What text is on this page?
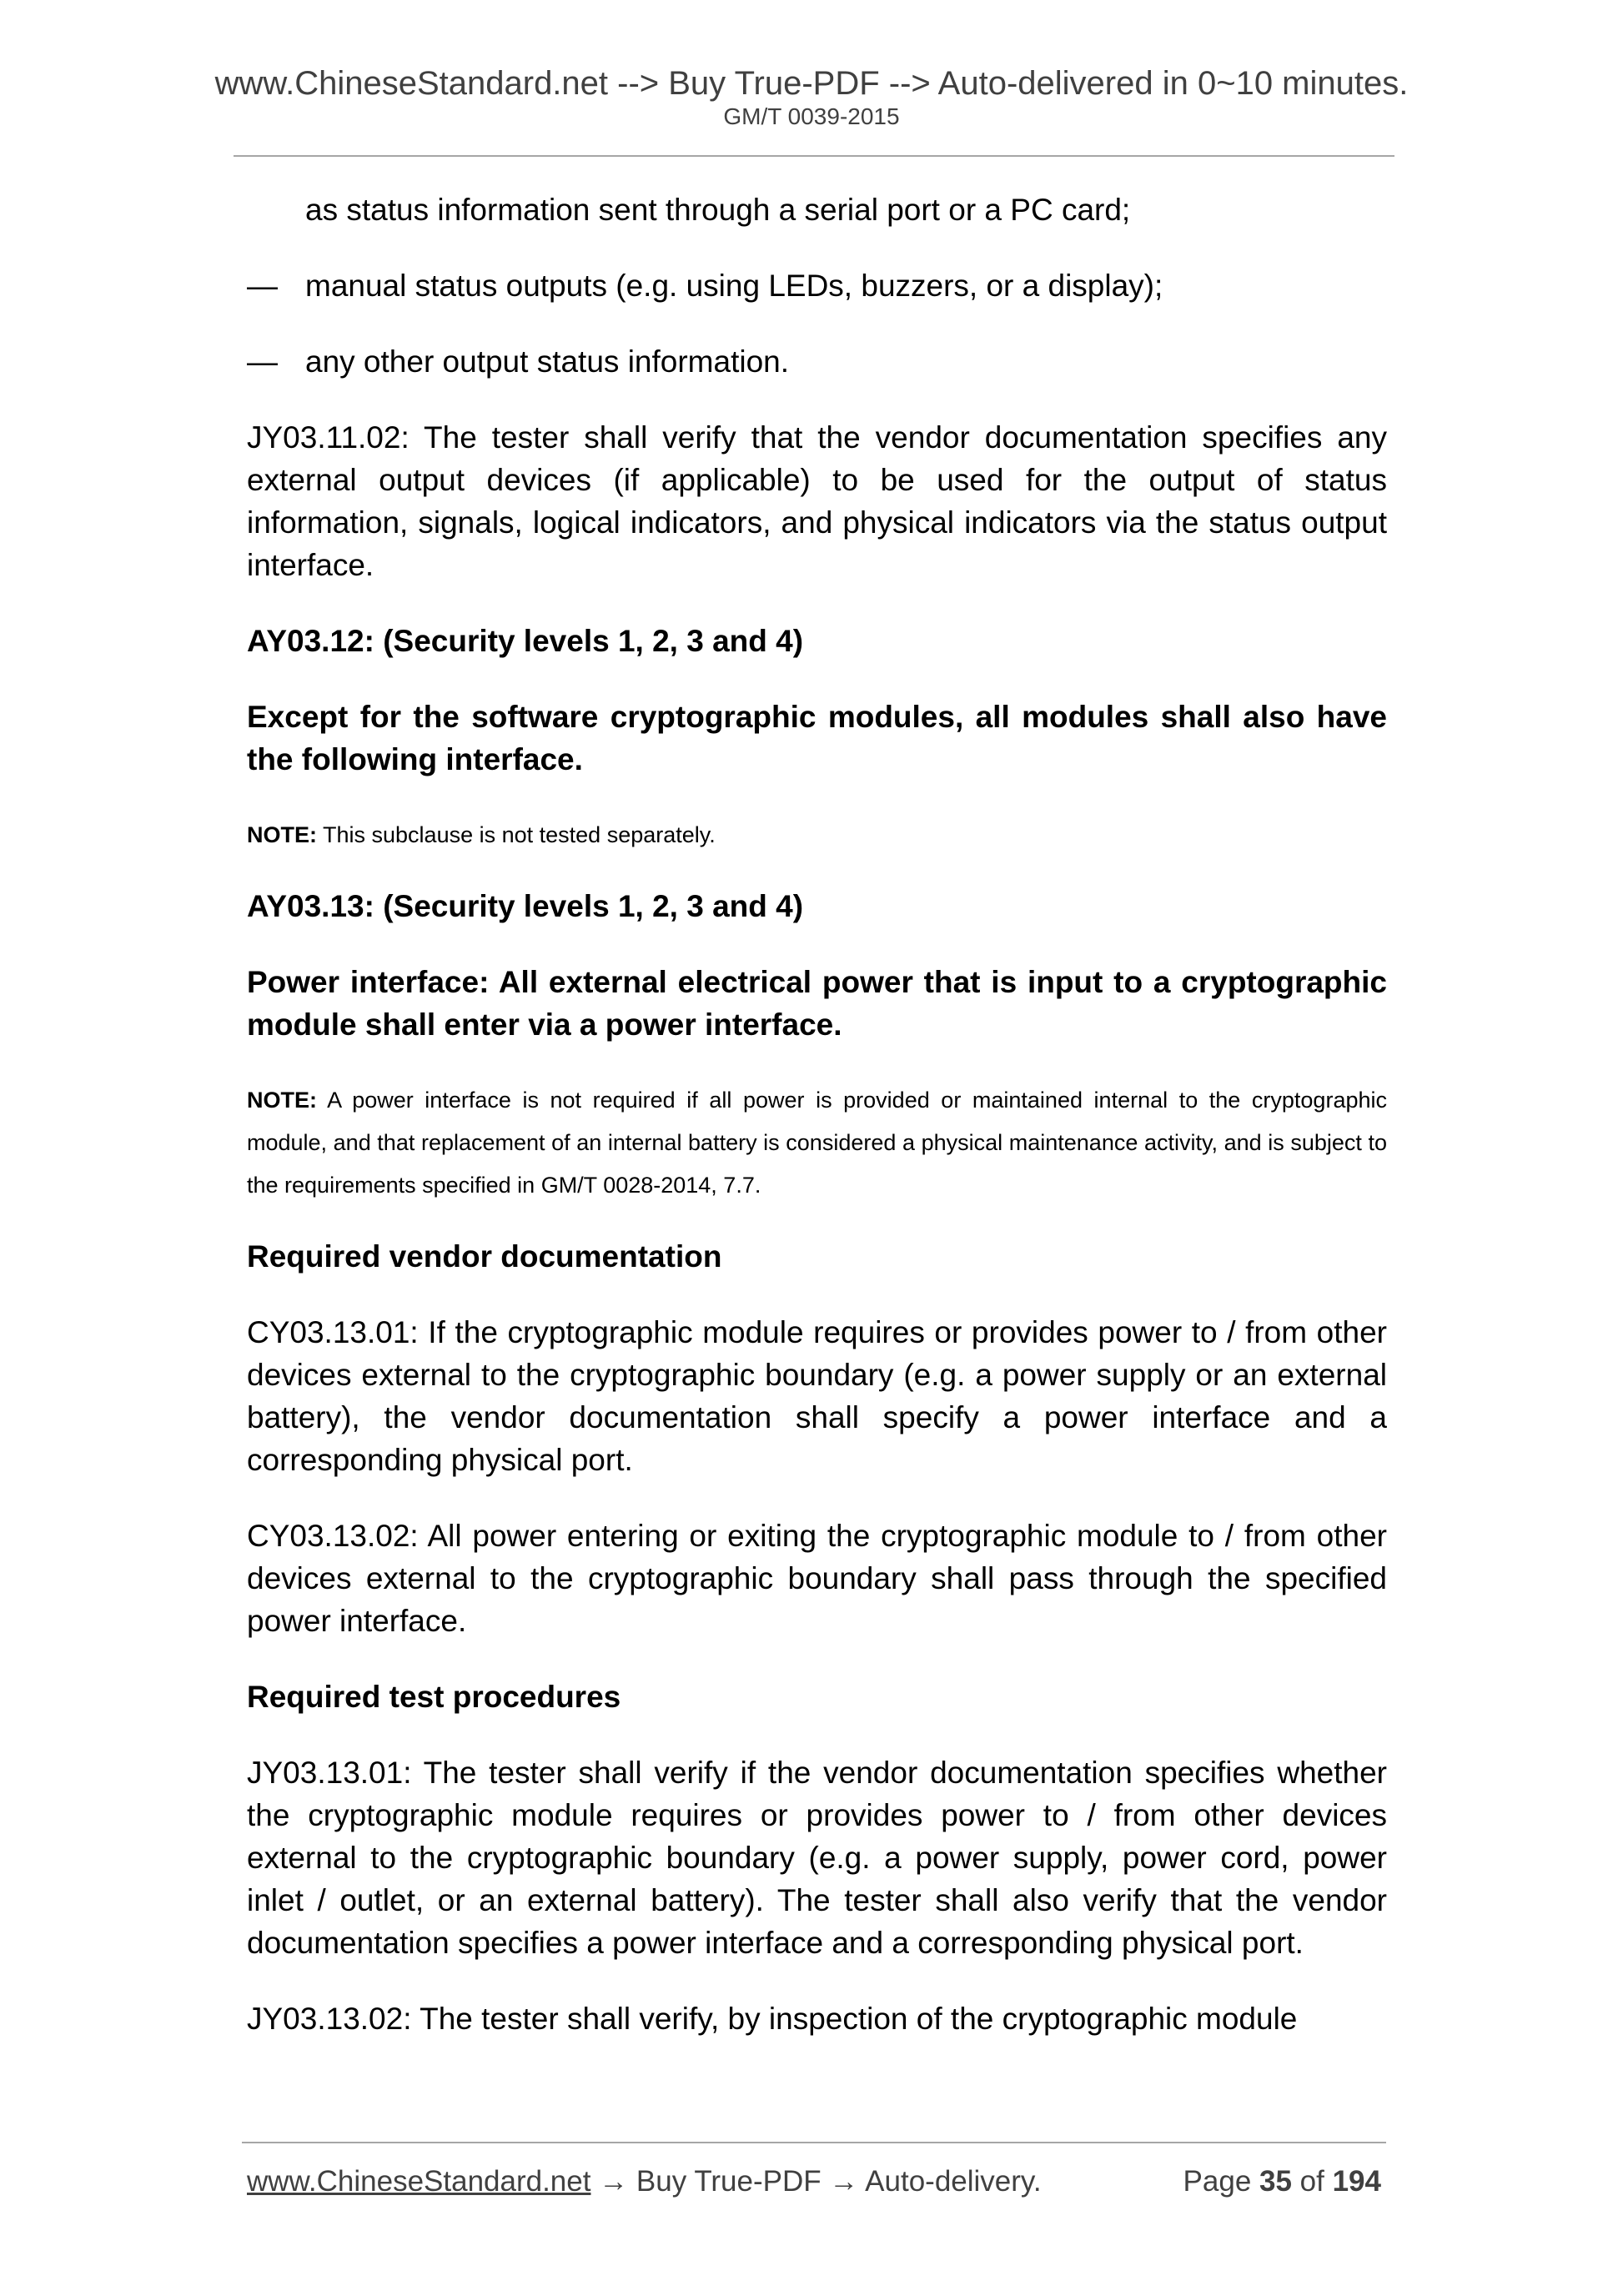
www.ChineseStandard.net --> Buy True-PDF --> Auto-delivered in 0~10 minutes.
GM/T 0039-2015
as status information sent through a serial port or a PC card;
— manual status outputs (e.g. using LEDs, buzzers, or a display);
— any other output status information.
JY03.11.02: The tester shall verify that the vendor documentation specifies any external output devices (if applicable) to be used for the output of status information, signals, logical indicators, and physical indicators via the status output interface.
AY03.12: (Security levels 1, 2, 3 and 4)
Except for the software cryptographic modules, all modules shall also have the following interface.
NOTE: This subclause is not tested separately.
AY03.13: (Security levels 1, 2, 3 and 4)
Power interface: All external electrical power that is input to a cryptographic module shall enter via a power interface.
NOTE: A power interface is not required if all power is provided or maintained internal to the cryptographic module, and that replacement of an internal battery is considered a physical maintenance activity, and is subject to the requirements specified in GM/T 0028-2014, 7.7.
Required vendor documentation
CY03.13.01: If the cryptographic module requires or provides power to / from other devices external to the cryptographic boundary (e.g. a power supply or an external battery), the vendor documentation shall specify a power interface and a corresponding physical port.
CY03.13.02: All power entering or exiting the cryptographic module to / from other devices external to the cryptographic boundary shall pass through the specified power interface.
Required test procedures
JY03.13.01: The tester shall verify if the vendor documentation specifies whether the cryptographic module requires or provides power to / from other devices external to the cryptographic boundary (e.g. a power supply, power cord, power inlet / outlet, or an external battery). The tester shall also verify that the vendor documentation specifies a power interface and a corresponding physical port.
JY03.13.02: The tester shall verify, by inspection of the cryptographic module
www.ChineseStandard.net → Buy True-PDF → Auto-delivery.	Page 35 of 194
